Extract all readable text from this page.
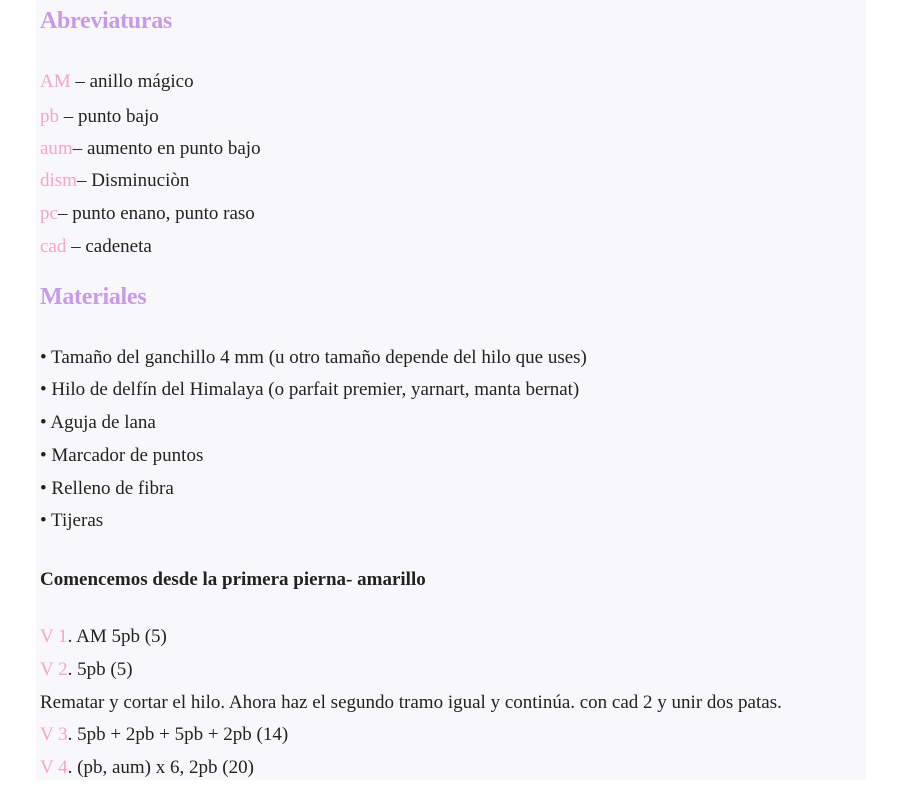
Abreviaturas
AM – anillo mágico
pb – punto bajo
aum– aumento en punto bajo
dism– Disminuciòn
pc– punto enano, punto raso
cad – cadeneta
Materiales
• Tamaño del ganchillo 4 mm (u otro tamaño depende del hilo que uses)
• Hilo de delfín del Himalaya (o parfait premier, yarnart, manta bernat)
• Aguja de lana
• Marcador de puntos
• Relleno de fibra
• Tijeras
Comencemos desde la primera pierna- amarillo
V 1. AM 5pb (5)
V 2. 5pb (5)
Rematar y cortar el hilo. Ahora haz el segundo tramo igual y continúa. con cad 2 y unir dos patas.
V 3. 5pb + 2pb + 5pb + 2pb (14)
V 4. (pb, aum) x 6, 2pb (20)
